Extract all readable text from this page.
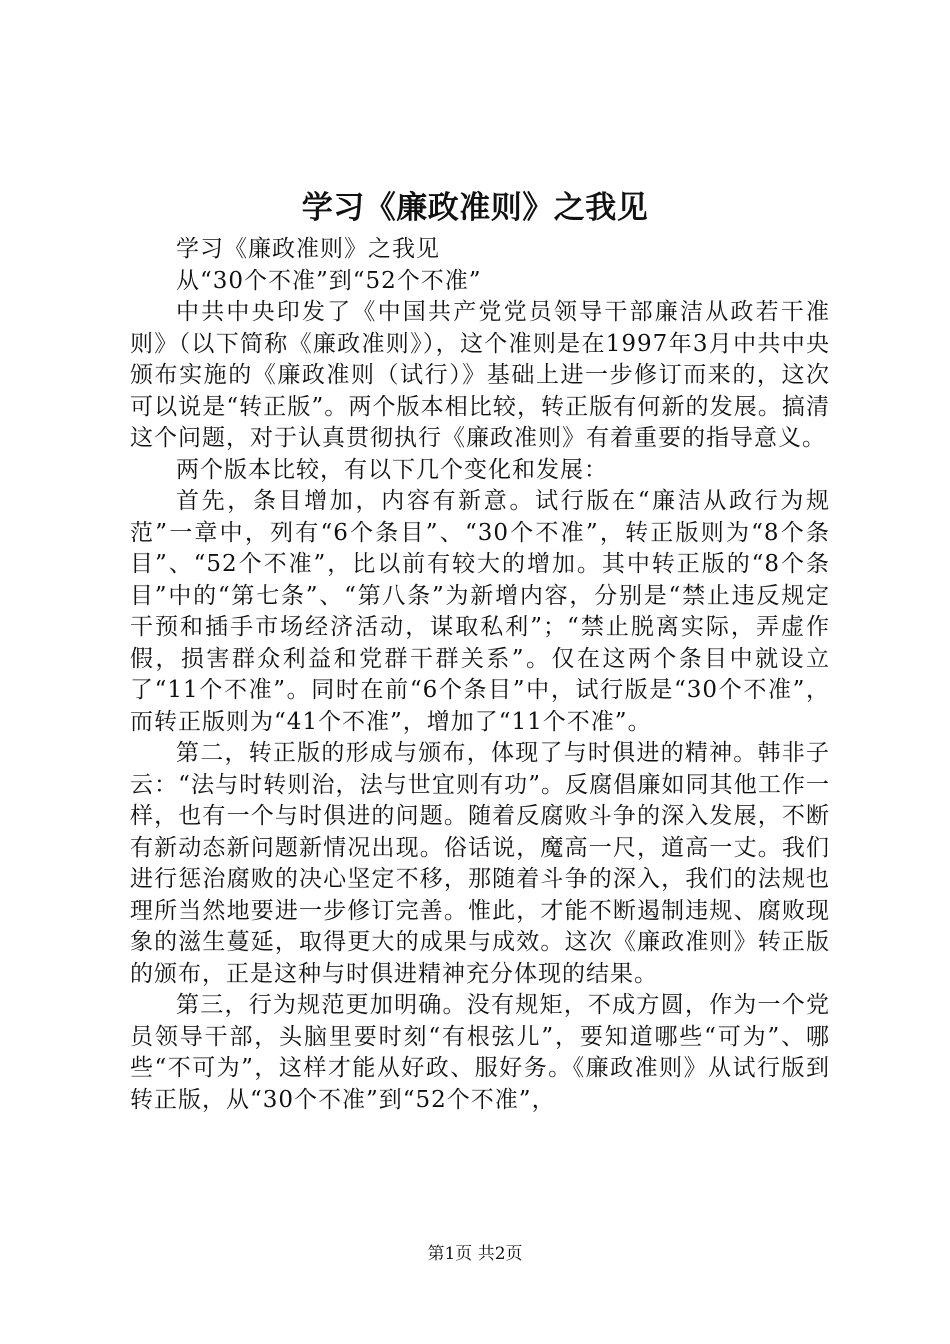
学习《廉政准则》之我见

学习《廉政准则》之我见

从“30个不准”到“52个不准”

中共中央印发了《中国共产党党员领导干部廉洁从政若干准则》（以下简称《廉政准则》），这个准则是在1997年3月中共中央颁布实施的《廉政准则（试行）》基础上进一步修订而来的，这次可以说是“转正版”。两个版本相比较，转正版有何新的发展。搞清这个问题，对于认真贯彻执行《廉政准则》有着重要的指导意义。

两个版本比较，有以下几个变化和发展：

首先，条目增加，内容有新意。试行版在“廉洁从政行为规范”一章中，列有“6个条目”、“30个不准”，转正版则为“8个条目”、“52个不准”，比以前有较大的增加。其中转正版的“8个条目”中的“第七条”、“第八条”为新增内容，分别是“禁止违反规定干预和插手市场经济活动，谋取私利”；“禁止脱离实际，弄虚作假，损害群众利益和党群干群关系”。仅在这两个条目中就设立了“11个不准”。同时在前“6个条目”中，试行版是“30个不准”，而转正版则为“41个不准”，增加了“11个不准”。

第二，转正版的形成与颁布，体现了与时俱进的精神。韩非子云：“法与时转则治，法与世宜则有功”。反腐倡廉如同其他工作一样，也有一个与时俱进的问题。随着反腐败斗争的深入发展，不断有新动态新问题新情况出现。俗话说，魔高一尺，道高一丈。我们进行惩治腐败的决心坚定不移，那随着斗争的深入，我们的法规也理所当然地要进一步修订完善。惟此，才能不断遏制违规、腐败现象的滋生蔓延，取得更大的成果与成效。这次《廉政准则》转正版的颁布，正是这种与时俱进精神充分体现的结果。

第三，行为规范更加明确。没有规矩，不成方圆，作为一个党员领导干部，头脑里要时刻“有根弦儿”，要知道哪些“可为”、哪些“不可为”，这样才能从好政、服好务。《廉政准则》从试行版到转正版，从“30个不准”到“52个不准”，

第1页 共2页
